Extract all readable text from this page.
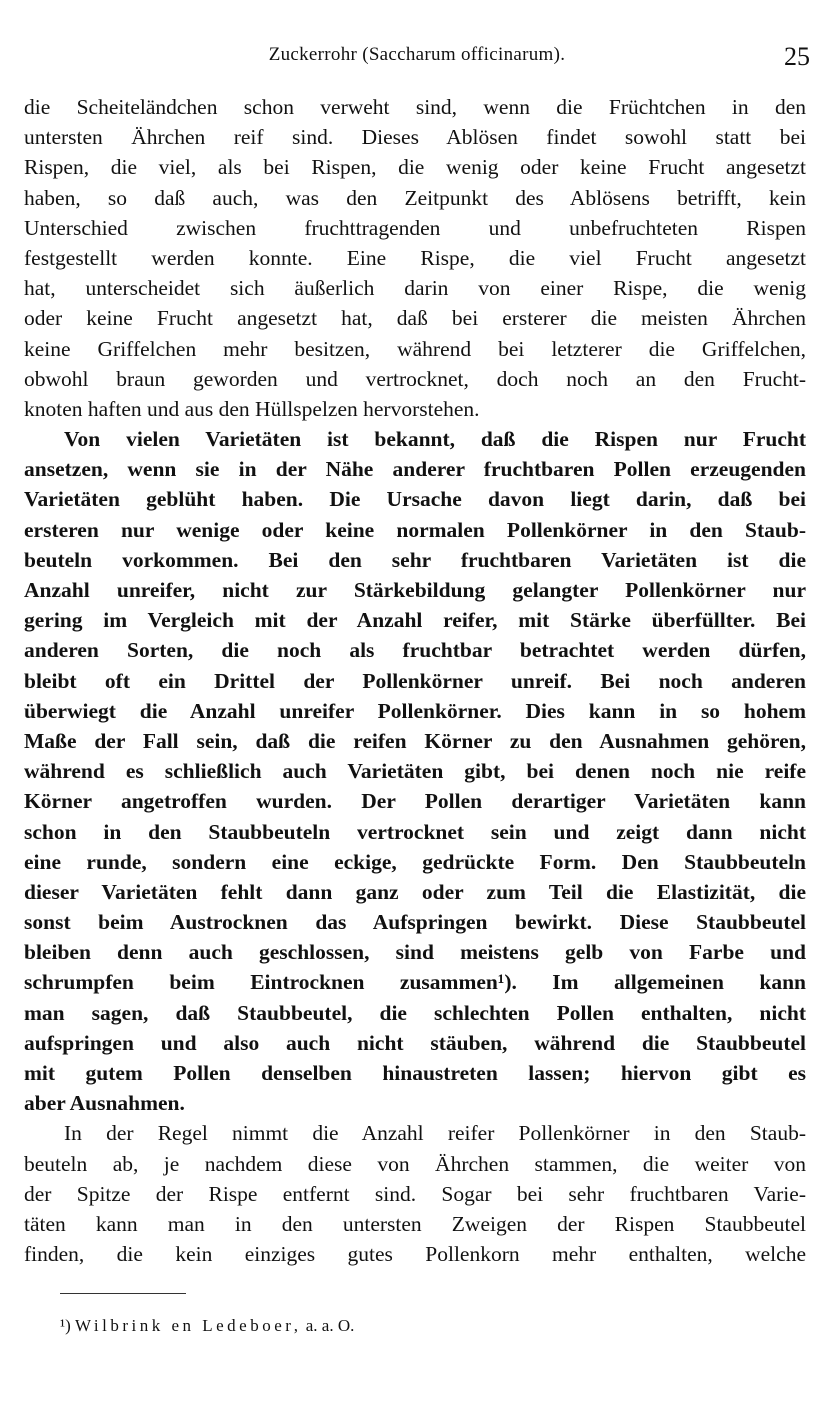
Zuckerrohr (Saccharum officinarum).	25
die Scheiteländchen schon verweht sind, wenn die Früchtchen in den
untersten Ährchen reif sind. Dieses Ablösen findet sowohl statt bei
Rispen, die viel, als bei Rispen, die wenig oder keine Frucht angesetzt
haben, so daß auch, was den Zeitpunkt des Ablösens betrifft, kein
Unterschied zwischen fruchttragenden und unbefruchteten Rispen
festgestellt werden konnte. Eine Rispe, die viel Frucht angesetzt
hat, unterscheidet sich äußerlich darin von einer Rispe, die wenig
oder keine Frucht angesetzt hat, daß bei ersterer die meisten Ährchen
keine Griffelchen mehr besitzen, während bei letzterer die Griffelchen,
obwohl braun geworden und vertrocknet, doch noch an den Frucht-
knoten haften und aus den Hüllspelzen hervorstehen.
Von vielen Varietäten ist bekannt, daß die Rispen nur Frucht
ansetzen, wenn sie in der Nähe anderer fruchtbaren Pollen erzeugenden
Varietäten geblüht haben. Die Ursache davon liegt darin, daß bei
ersteren nur wenige oder keine normalen Pollenkörner in den Staub-
beuteln vorkommen. Bei den sehr fruchtbaren Varietäten ist die
Anzahl unreifer, nicht zur Stärkebildung gelangter Pollenkörner nur
gering im Vergleich mit der Anzahl reifer, mit Stärke überfüllter. Bei
anderen Sorten, die noch als fruchtbar betrachtet werden dürfen,
bleibt oft ein Drittel der Pollenkörner unreif. Bei noch anderen
überwiegt die Anzahl unreifer Pollenkörner. Dies kann in so hohem
Maße der Fall sein, daß die reifen Körner zu den Ausnahmen gehören,
während es schließlich auch Varietäten gibt, bei denen noch nie reife
Körner angetroffen wurden. Der Pollen derartiger Varietäten kann
schon in den Staubbeuteln vertrocknet sein und zeigt dann nicht
eine runde, sondern eine eckige, gedrückte Form. Den Staubbeuteln
dieser Varietäten fehlt dann ganz oder zum Teil die Elastizität, die
sonst beim Austrocknen das Aufspringen bewirkt. Diese Staubbeutel
bleiben denn auch geschlossen, sind meistens gelb von Farbe und
schrumpfen beim Eintrocknen zusammen¹). Im allgemeinen kann
man sagen, daß Staubbeutel, die schlechten Pollen enthalten, nicht
aufspringen und also auch nicht stäuben, während die Staubbeutel
mit gutem Pollen denselben hinaustreten lassen; hiervon gibt es
aber Ausnahmen.
In der Regel nimmt die Anzahl reifer Pollenkörner in den Staub-
beuteln ab, je nachdem diese von Ährchen stammen, die weiter von
der Spitze der Rispe entfernt sind. Sogar bei sehr fruchtbaren Varie-
täten kann man in den untersten Zweigen der Rispen Staubbeutel
finden, die kein einziges gutes Pollenkorn mehr enthalten, welche
¹) Wilbrink en Ledeboer, a. a. O.
